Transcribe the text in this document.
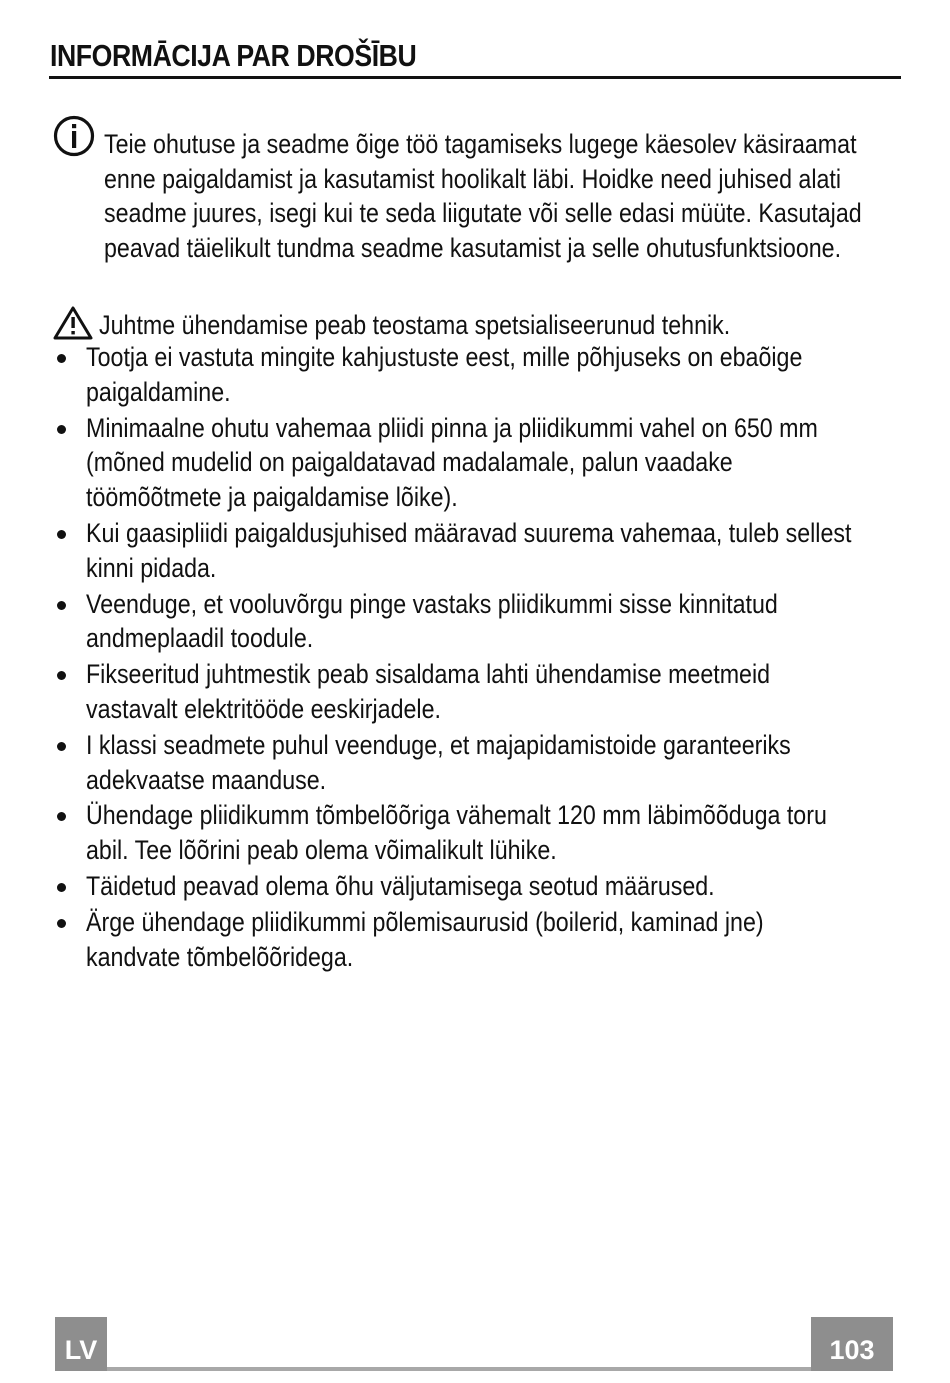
INFORMĀCIJA PAR DROŠĪBU
Teie ohutuse ja seadme õige töö tagamiseks lugege käesolev käsiraamat
enne paigaldamist ja kasutamist hoolikalt läbi. Hoidke need juhised alati
seadme juures, isegi kui te seda liigutate või selle edasi müüte. Kasutajad
peavad täielikult tundma seadme kasutamist ja selle ohutusfunktsioone.
Juhtme ühendamise peab teostama spetsialiseerunud tehnik.
Tootja ei vastuta mingite kahjustuste eest, mille põhjuseks on ebaõige
paigaldamine.
Minimaalne ohutu vahemaa pliidi pinna ja pliidikummi vahel on 650 mm
(mõned mudelid on paigaldatavad madalamale, palun vaadake
töömõõtmete ja paigaldamise lõike).
Kui gaasipliidi paigaldusjuhised määravad suurema vahemaa, tuleb sellest
kinni pidada.
Veenduge, et vooluvõrgu pinge vastaks pliidikummi sisse kinnitatud
andmeplaadil toodule.
Fikseeritud juhtmestik peab sisaldama lahti ühendamise meetmeid
vastavalt elektritööde eeskirjadele.
I klassi seadmete puhul veenduge, et majapidamistoide garanteeriks
adekvaatse maanduse.
Ühendage pliidikumm tõmbelõõriga vähemalt 120 mm läbimõõduga toru
abil. Tee lõõrini peab olema võimalikult lühike.
Täidetud peavad olema õhu väljutamisega seotud määrused.
Ärge ühendage pliidikummi põlemisaurusid (boilerid, kaminad jne)
kandvate tõmbelõõridega.
LV	103
